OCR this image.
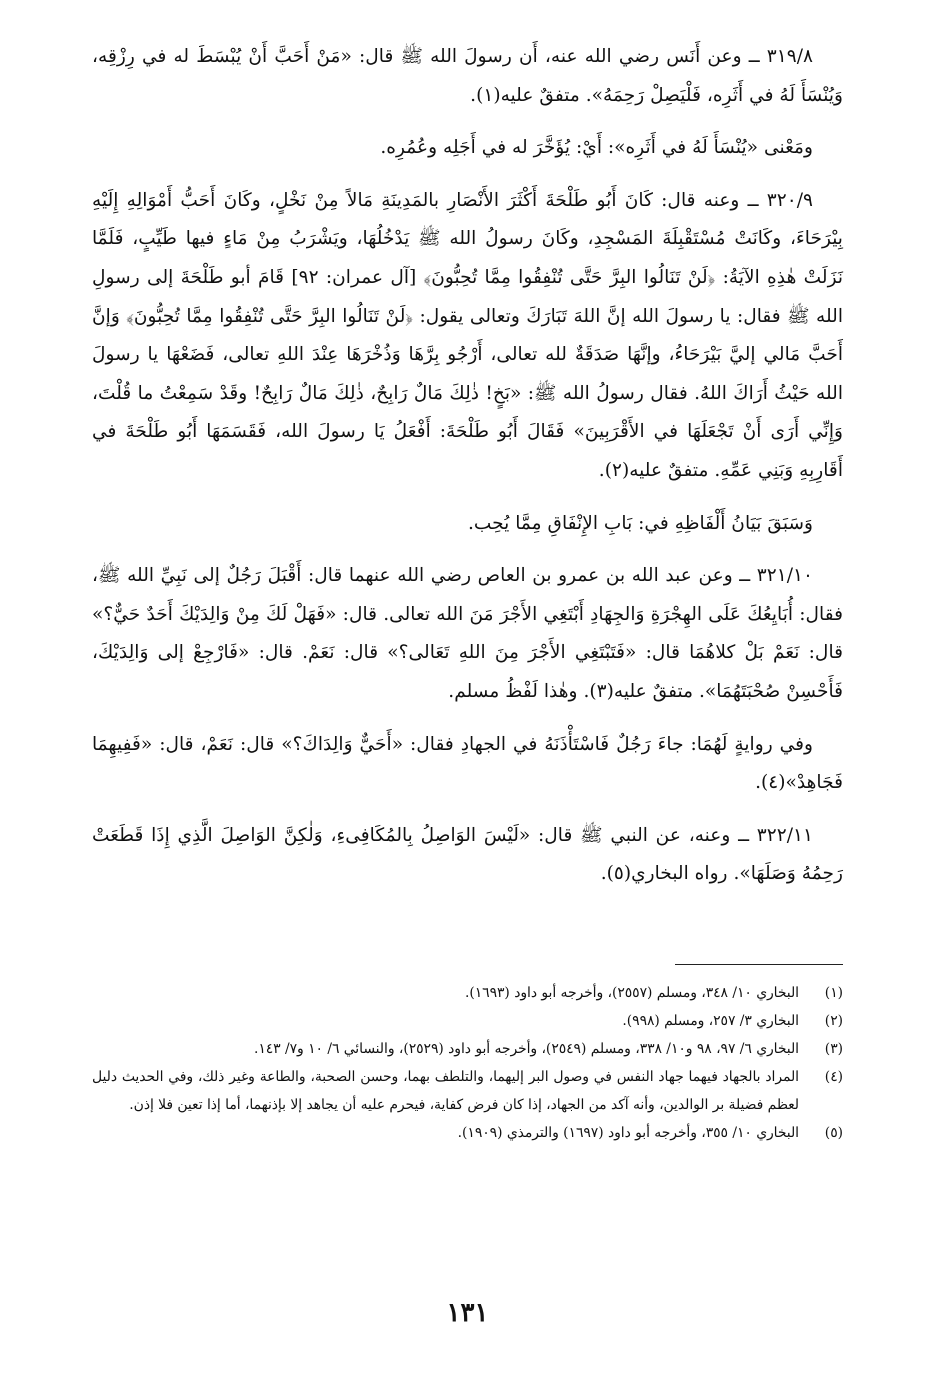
٣١٩/٨ ــ وعن أَنَس رضي الله عنه، أَن رسولَ الله ﷺ قال: «مَنْ أَحَبَّ أَنْ يُبْسَطَ له في رِزْقِه، وَيُنْسَأَ لَهُ في أَثَرِه، فَلْيَصِلْ رَحِمَهُ». متفقٌ عليه(١).

ومَعْنى «يُنْسَأَ لَهُ في أَثَرِه»: أَيْ: يُؤَخَّرَ له في أَجَلِه وعُمُرِه.

٣٢٠/٩ ــ وعنه قال: كَانَ أَبُو طَلْحَةَ أَكْثَرَ الأَنْصَارِ بالمَدِينَةِ مَالاً مِنْ نَخْلٍ، وكَانَ أَحَبُّ أَمْوَالِهِ إِلَيْهِ بِيْرَحَاءَ، وكَانَتْ مُسْتَقْبِلَةَ المَسْجِدِ، وكَانَ رسولُ الله ﷺ يَدْخُلُهَا، ويَشْرَبُ مِنْ مَاءٍ فيها طَيِّبٍ، فَلَمَّا نَزَلَتْ هٰذِهِ الآيَةُ: ﴿لَنْ تَنَالُوا البِرَّ حَتَّى تُنْفِقُوا مِمَّا تُحِبُّونَ﴾ [آل عمران: ٩٢] قَامَ أبو طَلْحَةَ إلى رسولِ الله ﷺ فقال: يا رسولَ الله إنَّ اللهَ تَبَارَكَ وتعالى يقول: ﴿لَنْ تَنَالُوا البِرَّ حَتَّى تُنْفِقُوا مِمَّا تُحِبُّونَ﴾ وَإنَّ أَحَبَّ مَالي إليَّ بَيْرَحَاءُ، وإنَّهَا صَدَقَةٌ لله تعالى، أَرْجُو بِرَّهَا وَذُخْرَهَا عِنْدَ اللهِ تعالى، فَضَعْهَا يا رسولَ الله حَيْثُ أَرَاكَ اللهُ. فقال رسولُ الله ﷺ: «بَخٍ! ذٰلِكَ مَالٌ رَابِحٌ، ذٰلِكَ مَالٌ رَابِحٌ! وقَدْ سَمِعْتُ ما قُلْتَ، وَإِنِّي أَرَى أَنْ تَجْعَلَهَا في الأَقْرَبِينَ» فَقَالَ أَبُو طَلْحَةَ: أَفْعَلُ يَا رسولَ الله، فَقَسَمَهَا أَبُو طَلْحَةَ في أَقَارِبِهِ وَبَنِي عَمِّهِ. متفقٌ عليه(٢).

وَسَبَقَ بَيَانُ أَلْفَاظِهِ في: بَابِ الإِنْفَاقِ مِمَّا يُحِب.

٣٢١/١٠ ــ وعن عبد الله بن عمرو بن العاص رضي الله عنهما قال: أَقْبَلَ رَجُلٌ إلى نَبِيِّ الله ﷺ، فقال: أُبَايِعُكَ عَلَى الهِجْرَةِ وَالجِهَادِ أَبْتَغِي الأَجْرَ مَنَ الله تعالى. قال: «فَهَلْ لَكَ مِنْ وَالِدَيْكَ أَحَدٌ حَيٌّ؟» قال: نَعَمْ بَلْ كلاهُمَا قال: «فَتَبْتَغِي الأَجْرَ مِنَ اللهِ تَعَالى؟» قال: نَعَمْ. قال: «فَارْجِعْ إلى وَالِدَيْكَ، فَأَحْسِنْ صُحْبَتَهُمَا». متفقٌ عليه(٣). وهٰذا لَفْظُ مسلم.

وفي روايةٍ لَهُمَا: جاءَ رَجُلٌ فَاسْتَأْذَنَهُ في الجهادِ فقال: «أَحَيٌّ وَالِدَاكَ؟» قال: نَعَمْ، قال: «فَفِيهِمَا فَجَاهِدْ»(٤).

٣٢٢/١١ ــ وعنه، عن النبي ﷺ قال: «لَيْسَ الوَاصِلُ بِالمُكَافِىءِ، وَلٰكِنَّ الوَاصِلَ الَّذِي إِذَا قَطَعَتْ رَحِمُهُ وَصَلَهَا». رواه البخاري(٥).

(١)
البخاري ١٠/ ٣٤٨، ومسلم (٢٥٥٧)، وأخرجه أبو داود (١٦٩٣).
(٢)
البخاري ٣/ ٢٥٧، ومسلم (٩٩٨).
(٣)
البخاري ٦/ ٩٧، ٩٨ و١٠/ ٣٣٨، ومسلم (٢٥٤٩)، وأخرجه أبو داود (٢٥٢٩)، والنسائي ٦/ ١٠ و٧/ ١٤٣.
(٤)
المراد بالجهاد فيهما جهاد النفس في وصول البر إليهما، والتلطف بهما، وحسن الصحبة، والطاعة وغير ذلك، وفي الحديث دليل لعظم فضيلة بر الوالدين، وأنه آكد من الجهاد، إذا كان فرض كفاية، فيحرم عليه أن يجاهد إلا بإذنهما، أما إذا تعين فلا إذن.
(٥)
البخاري ١٠/ ٣٥٥، وأخرجه أبو داود (١٦٩٧) والترمذي (١٩٠٩).
١٣١
